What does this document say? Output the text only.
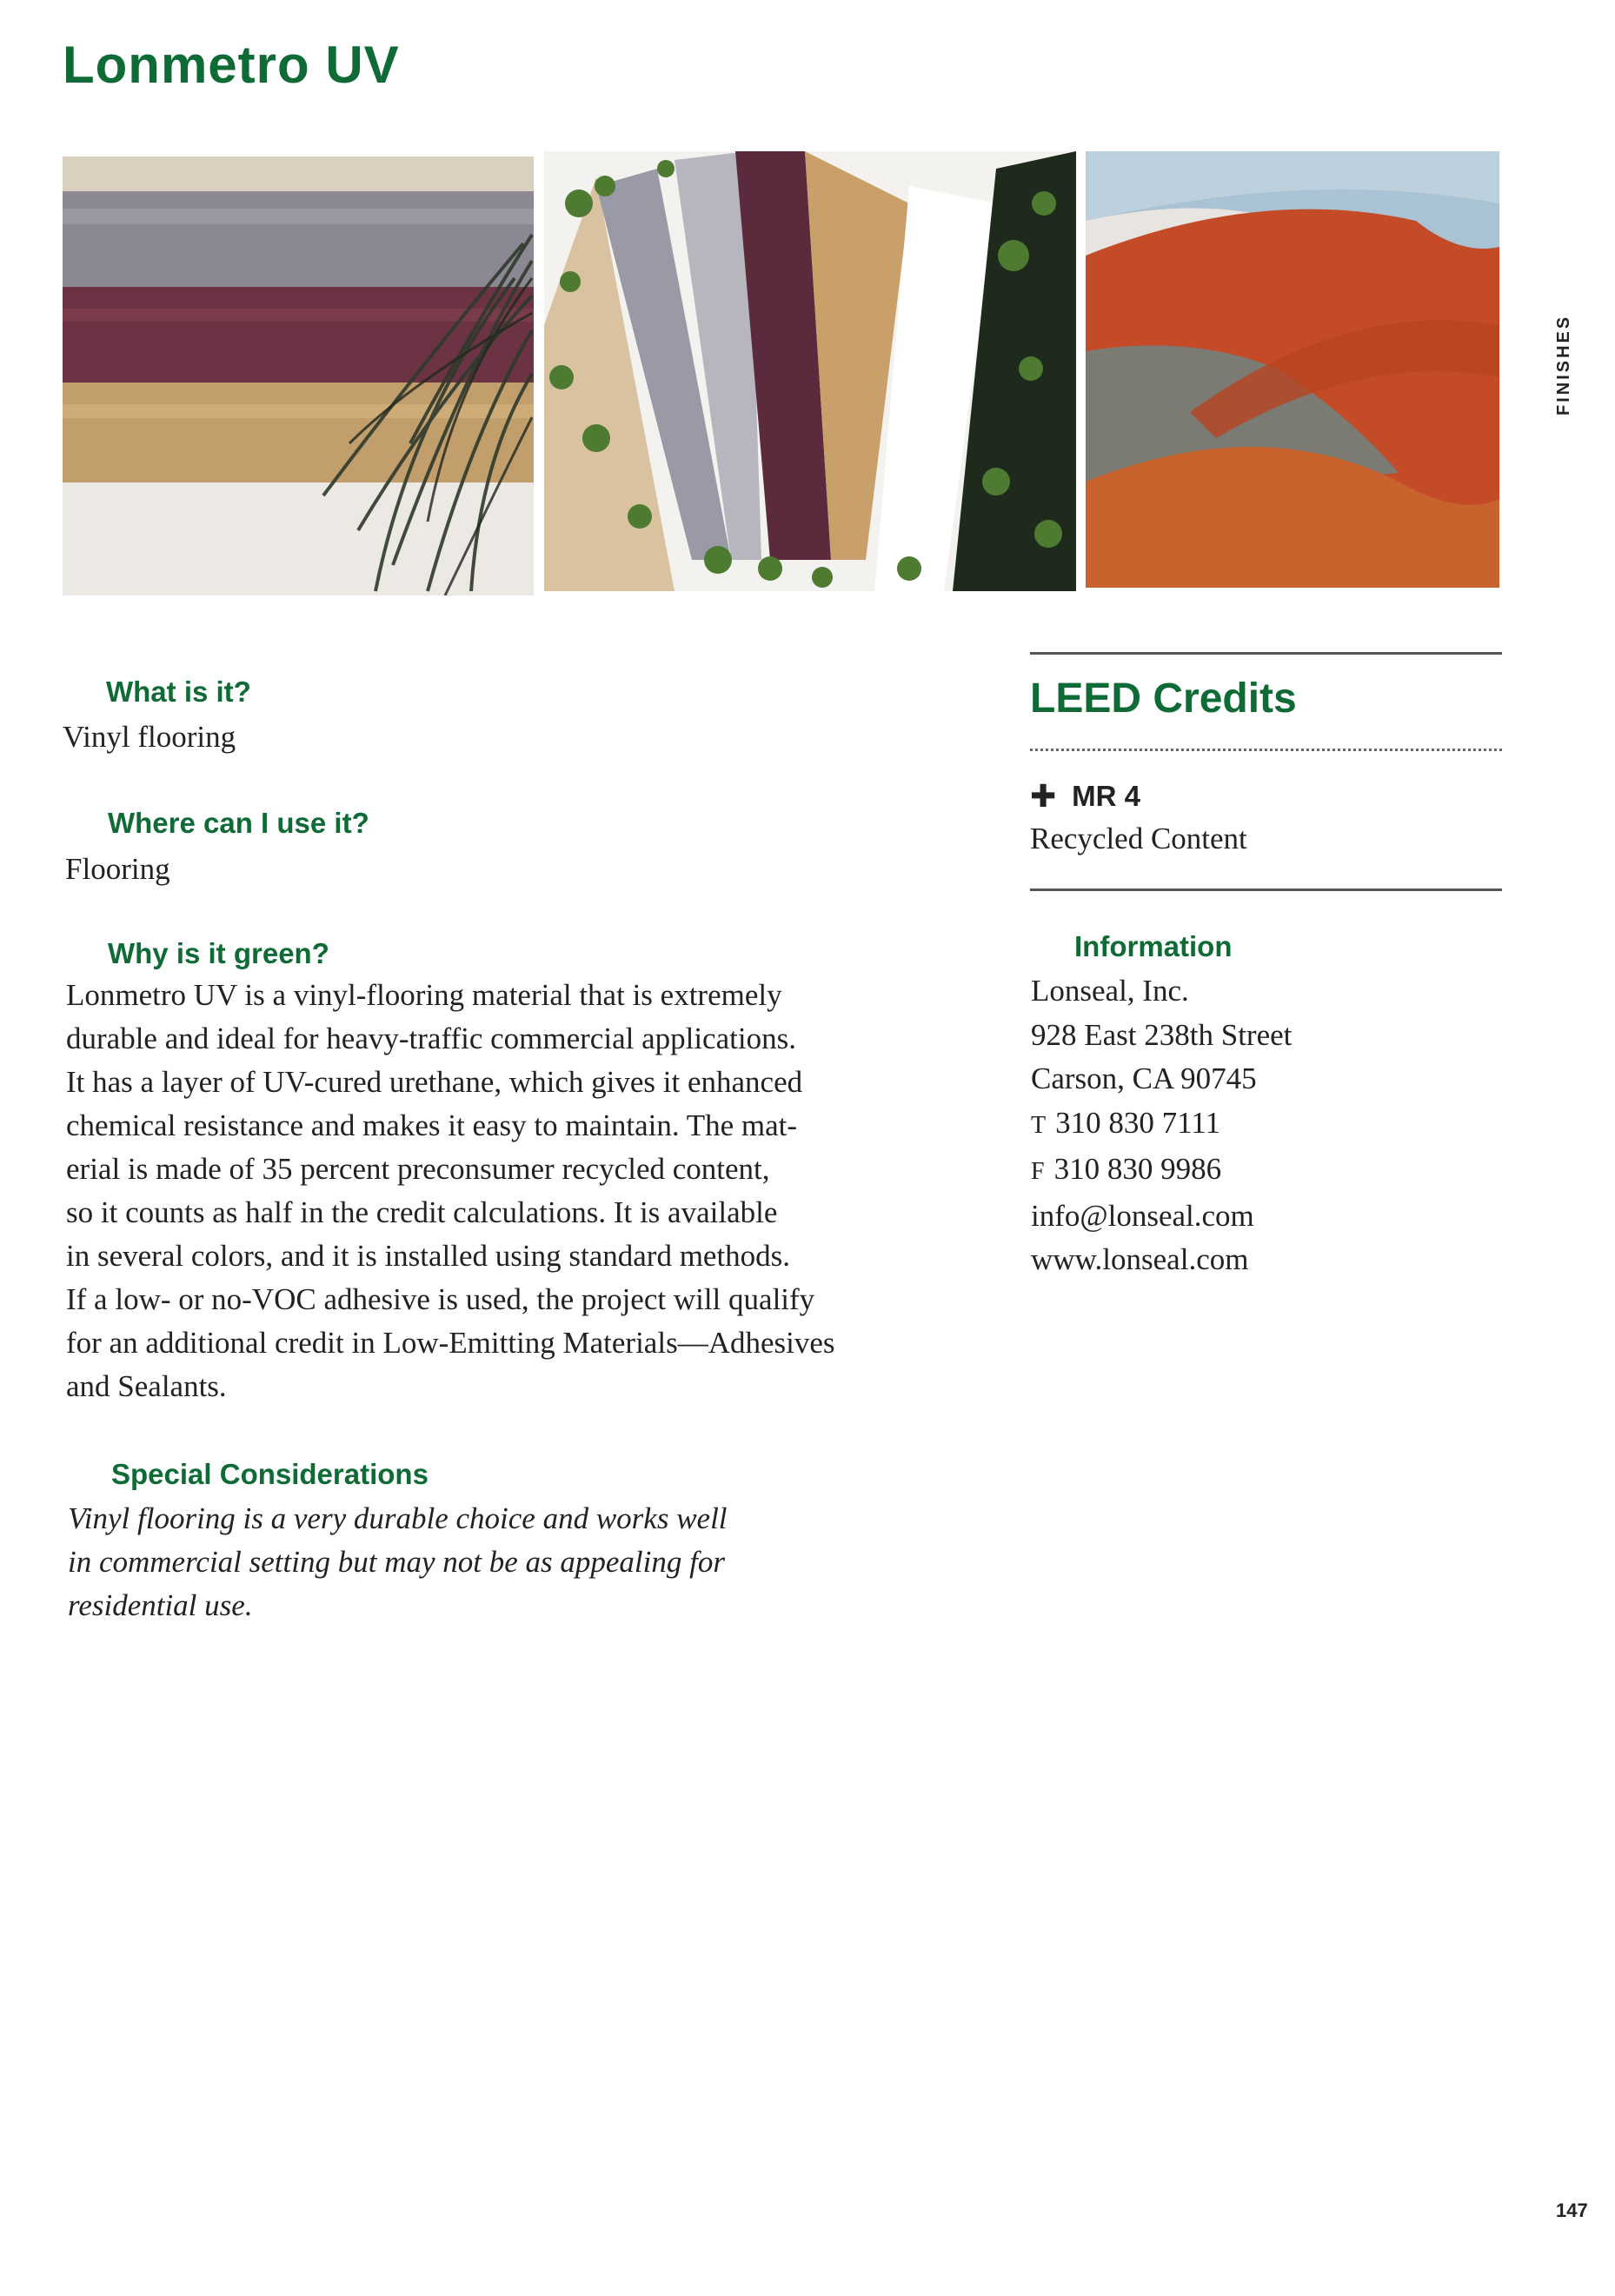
Lonmetro UV
FINISHES
What is it?
Vinyl flooring
Where can I use it?
Flooring
Why is it green?
Lonmetro UV is a vinyl-flooring material that is extremely
durable and ideal for heavy-traffic commercial applications.
It has a layer of UV-cured urethane, which gives it enhanced
chemical resistance and makes it easy to maintain. The mat-
erial is made of 35 percent preconsumer recycled content,
so it counts as half in the credit calculations. It is available
in several colors, and it is installed using standard methods.
If a low- or no-VOC adhesive is used, the project will qualify
for an additional credit in Low-Emitting Materials—Adhesives
and Sealants.
Special Considerations
Vinyl flooring is a very durable choice and works well
in commercial setting but may not be as appealing for
residential use.
LEED Credits
✚ MR 4
Recycled Content
Information
Lonseal, Inc.
928 East 238th Street
Carson, CA 90745
T 310 830 7111
F 310 830 9986
info@lonseal.com
www.lonseal.com
147
